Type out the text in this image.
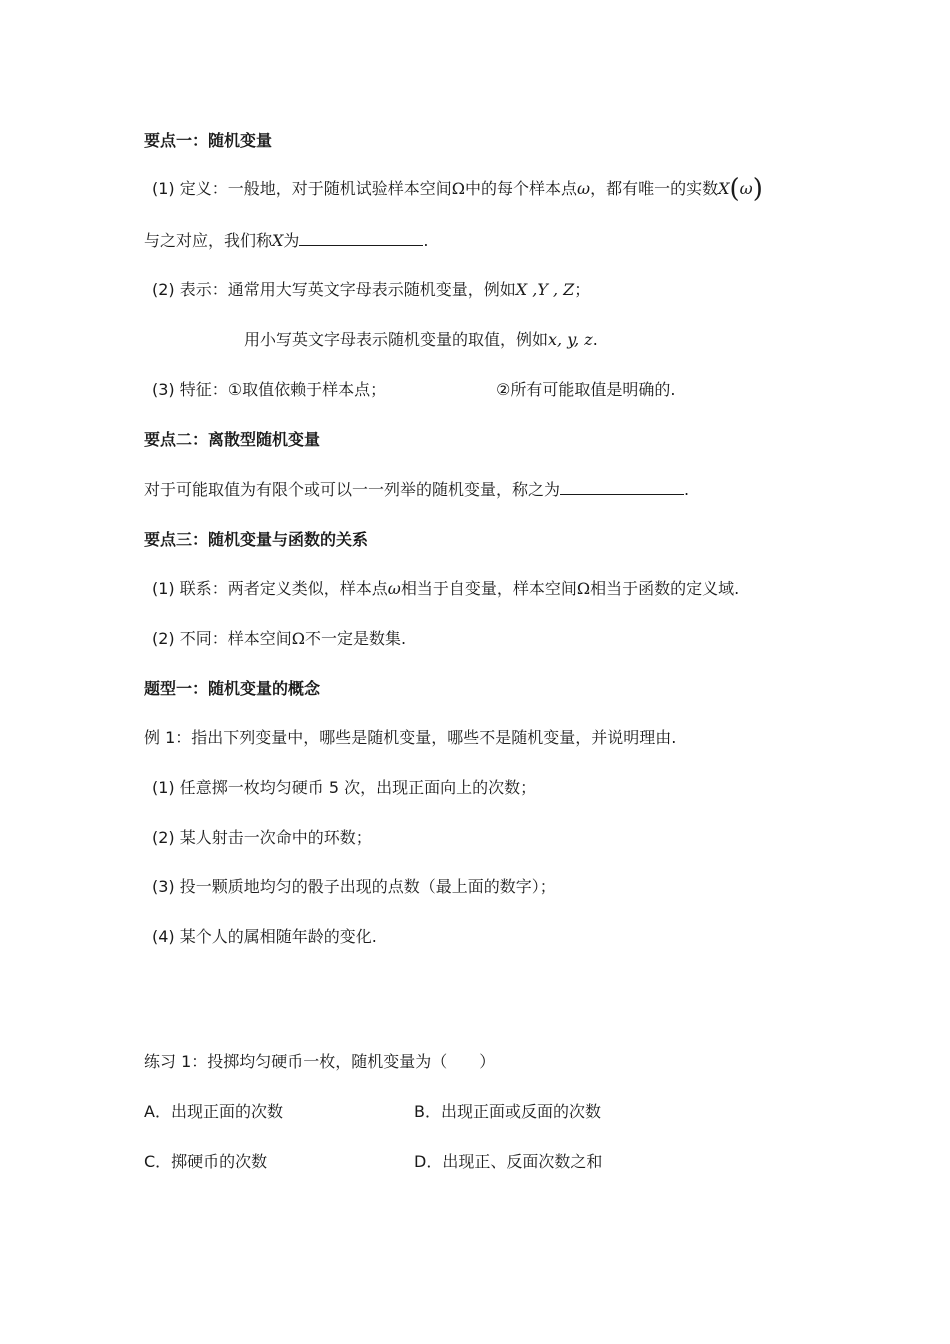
要点一：随机变量
(1) 定义：一般地，对于随机试验样本空间Ω中的每个样本点ω，都有唯一的实数X(ω)
与之对应，我们称X为	.
(2) 表示：通常用大写英文字母表示随机变量，例如X ,Y , Z；
用小写英文字母表示随机变量的取值，例如x, y, z.
(3) 特征：①取值依赖于样本点；	②所有可能取值是明确的.
要点二：离散型随机变量
对于可能取值为有限个或可以一一列举的随机变量，称之为	.
要点三：随机变量与函数的关系
(1) 联系：两者定义类似，样本点ω相当于自变量，样本空间Ω相当于函数的定义域.
(2) 不同：样本空间Ω不一定是数集.
题型一：随机变量的概念
例 1：指出下列变量中，哪些是随机变量，哪些不是随机变量，并说明理由.
(1) 任意掷一枚均匀硬币 5 次，出现正面向上的次数；
(2) 某人射击一次命中的环数；
(3) 投一颗质地均匀的骰子出现的点数（最上面的数字）；
(4) 某个人的属相随年龄的变化.
练习 1：投掷均匀硬币一枚，随机变量为（　　）
A．出现正面的次数	B．出现正面或反面的次数
C．掷硬币的次数	D．出现正、反面次数之和
